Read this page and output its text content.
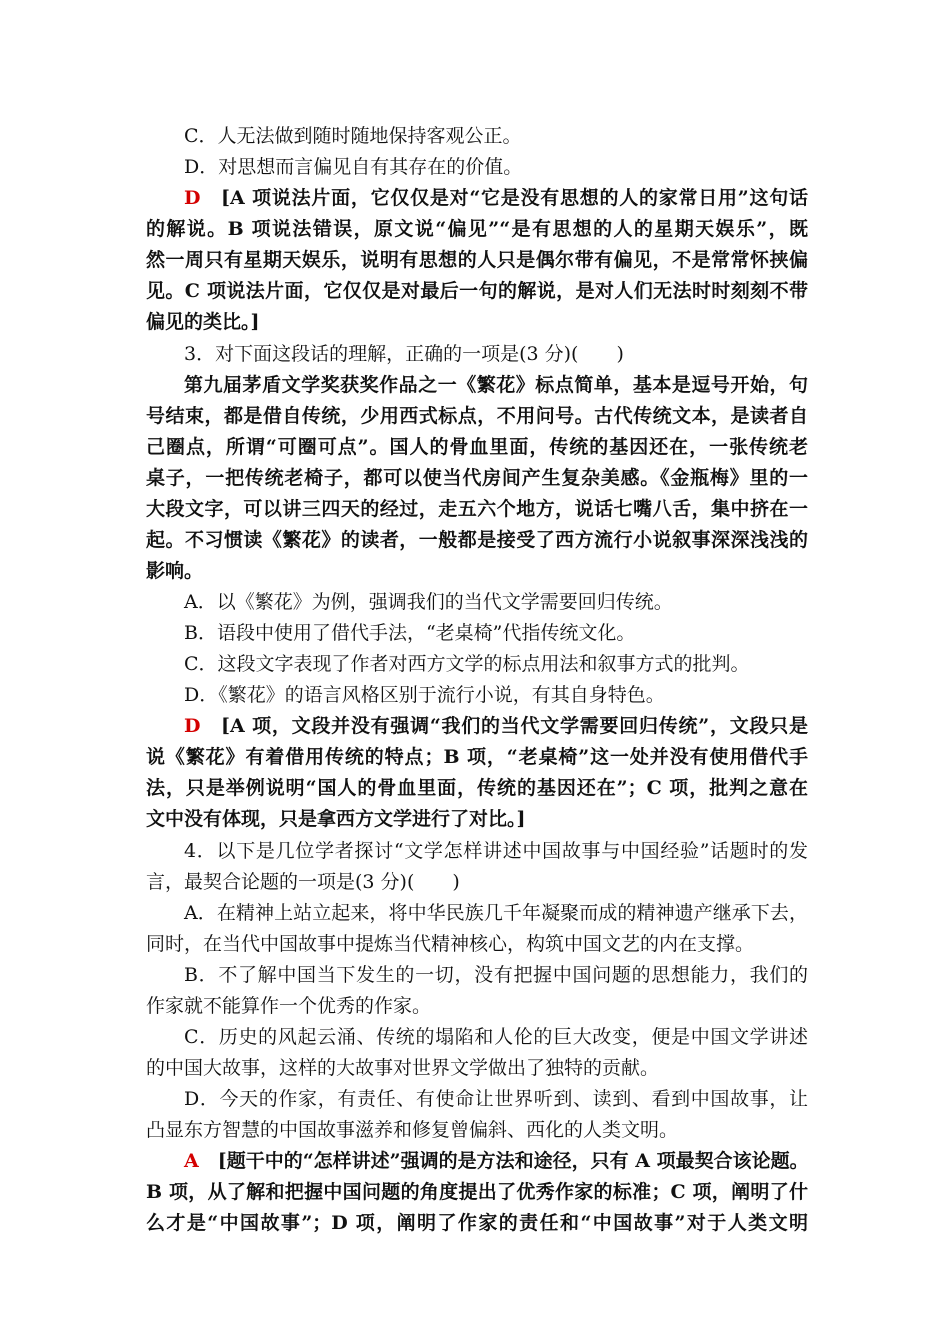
C．人无法做到随时随地保持客观公正。
D．对思想而言偏见自有其存在的价值。
D　 [A 项说法片面，它仅仅是对“它是没有思想的人的家常日用”这句话
的解说。B 项说法错误，原文说“偏见”“是有思想的人的星期天娱乐”，既
然一周只有星期天娱乐，说明有思想的人只是偶尔带有偏见，不是常常怀挟偏
见。C 项说法片面，它仅仅是对最后一句的解说，是对人们无法时时刻刻不带
偏见的类比。]
3．对下面这段话的理解，正确的一项是(3 分)(　　)
第九届茅盾文学奖获奖作品之一《繁花》标点简单，基本是逗号开始，句
号结束，都是借自传统，少用西式标点，不用问号。古代传统文本，是读者自
己圈点，所谓“可圈可点”。国人的骨血里面，传统的基因还在，一张传统老
桌子，一把传统老椅子，都可以使当代房间产生复杂美感。《金瓶梅》里的一
大段文字，可以讲三四天的经过，走五六个地方，说话七嘴八舌，集中挤在一
起。不习惯读《繁花》的读者，一般都是接受了西方流行小说叙事深深浅浅的
影响。
A．以《繁花》为例，强调我们的当代文学需要回归传统。
B．语段中使用了借代手法，“老桌椅”代指传统文化。
C．这段文字表现了作者对西方文学的标点用法和叙事方式的批判。
D．《繁花》的语言风格区别于流行小说，有其自身特色。
D　 [A 项，文段并没有强调“我们的当代文学需要回归传统”，文段只是
说《繁花》有着借用传统的特点；B 项，“老桌椅”这一处并没有使用借代手
法，只是举例说明“国人的骨血里面，传统的基因还在”；C 项，批判之意在
文中没有体现，只是拿西方文学进行了对比。]
4．以下是几位学者探讨“文学怎样讲述中国故事与中国经验”话题时的发
言，最契合论题的一项是(3 分)(　　)
A．在精神上站立起来，将中华民族几千年凝聚而成的精神遗产继承下去，
同时，在当代中国故事中提炼当代精神核心，构筑中国文艺的内在支撑。
B．不了解中国当下发生的一切，没有把握中国问题的思想能力，我们的
作家就不能算作一个优秀的作家。
C．历史的风起云涌、传统的塌陷和人伦的巨大改变，便是中国文学讲述
的中国大故事，这样的大故事对世界文学做出了独特的贡献。
D．今天的作家，有责任、有使命让世界听到、读到、看到中国故事，让
凸显东方智慧的中国故事滋养和修复曾偏斜、西化的人类文明。
A　 [题干中的“怎样讲述”强调的是方法和途径，只有 A 项最契合该论题。
B 项，从了解和把握中国问题的角度提出了优秀作家的标准；C 项，阐明了什
么才是“中国故事”；D 项，阐明了作家的责任和“中国故事”对于人类文明
